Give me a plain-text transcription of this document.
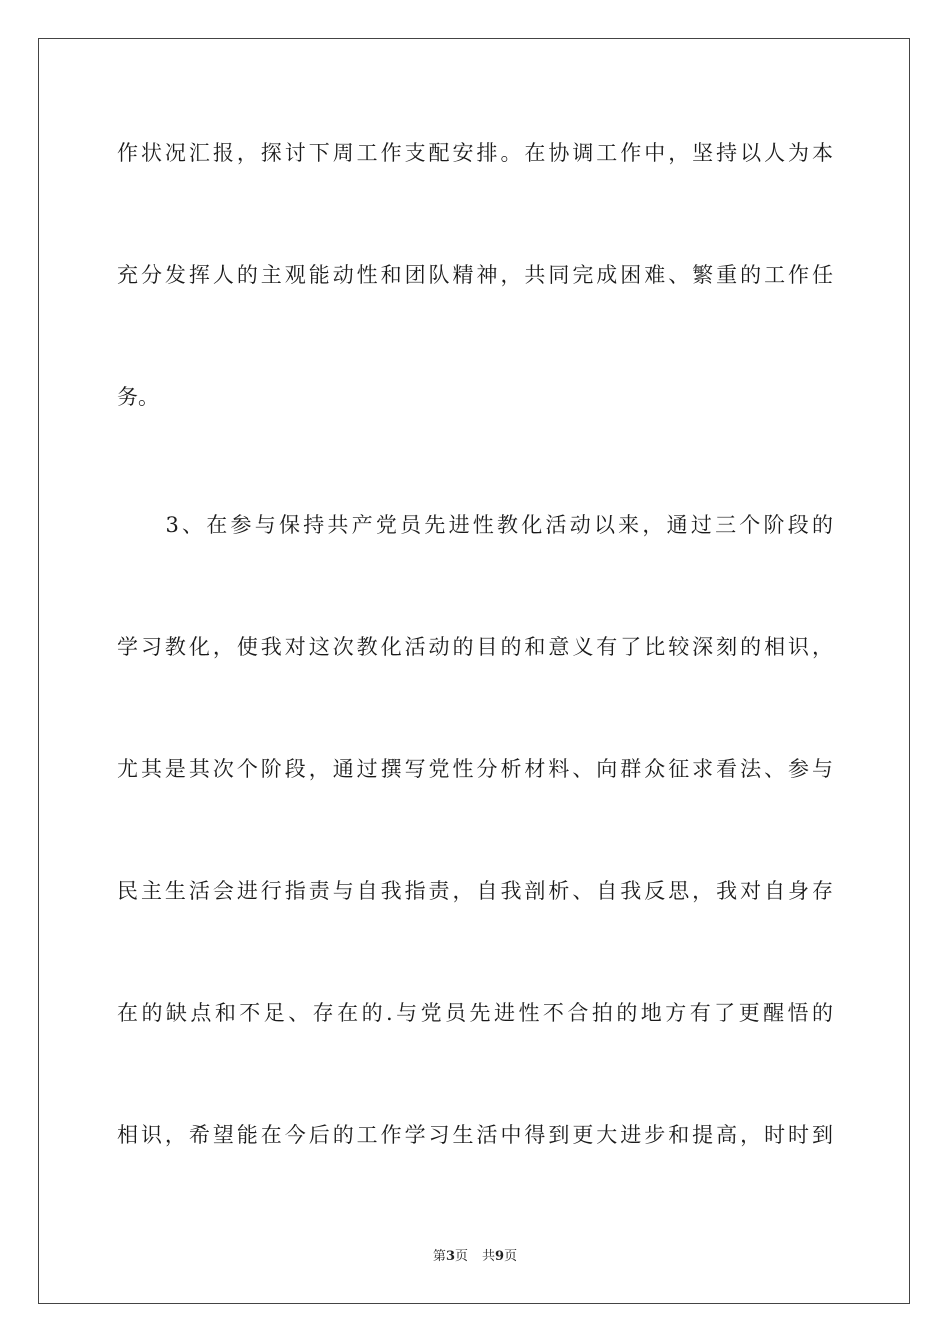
作状况汇报，探讨下周工作支配安排。在协调工作中，坚持以人为本
充分发挥人的主观能动性和团队精神，共同完成困难、繁重的工作任
务。
　　3、在参与保持共产党员先进性教化活动以来，通过三个阶段的
学习教化，使我对这次教化活动的目的和意义有了比较深刻的相识，
尤其是其次个阶段，通过撰写党性分析材料、向群众征求看法、参与
民主生活会进行指责与自我指责，自我剖析、自我反思，我对自身存
在的缺点和不足、存在的.与党员先进性不合拍的地方有了更醒悟的
相识，希望能在今后的工作学习生活中得到更大进步和提高，时时到
第3页 共9页
